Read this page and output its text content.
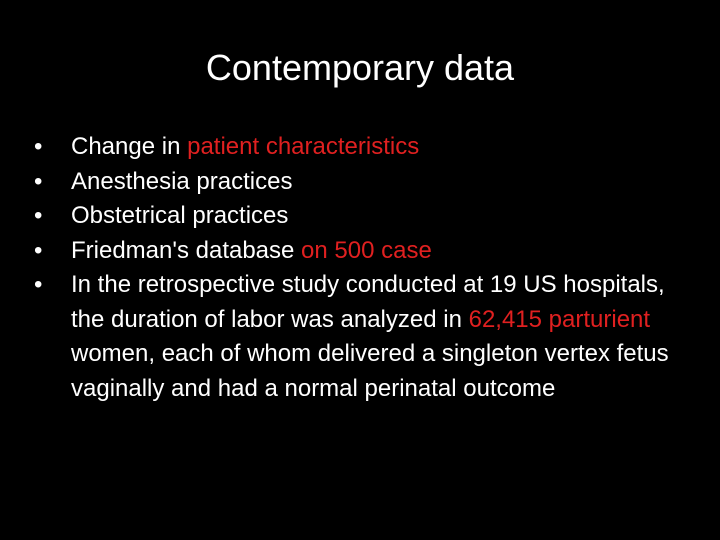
Contemporary data
•	Change in patient characteristics
•	Anesthesia practices
•	Obstetrical practices
•	Friedman's database on 500 case
•	In the retrospective study conducted at 19 US hospitals, the duration of labor was analyzed in 62,415 parturient women, each of whom delivered a singleton vertex fetus vaginally and had a normal perinatal outcome
